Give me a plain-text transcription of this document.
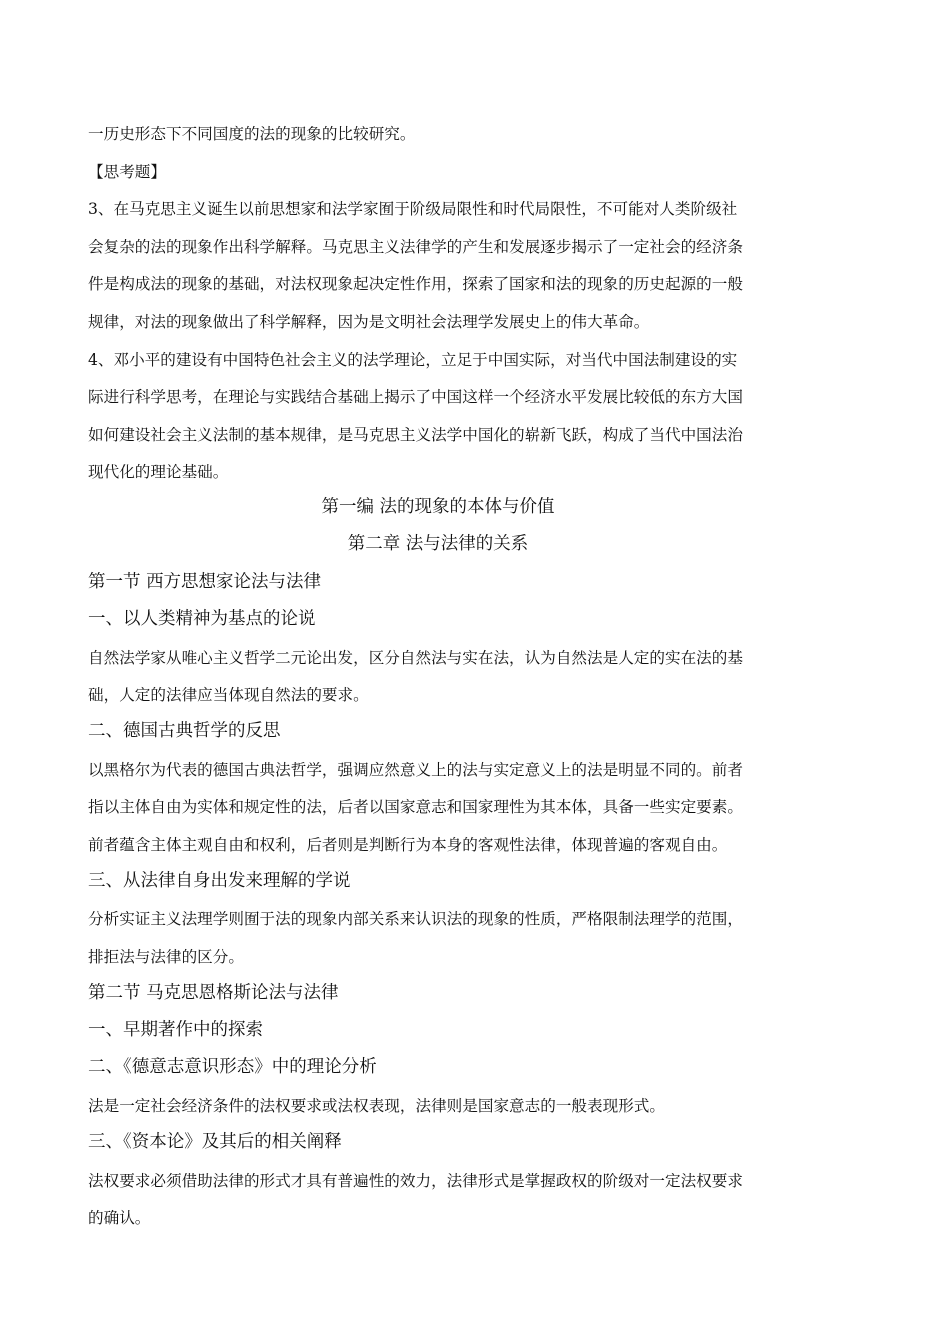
一历史形态下不同国度的法的现象的比较研究。
【思考题】
3、在马克思主义诞生以前思想家和法学家囿于阶级局限性和时代局限性，不可能对人类阶级社
会复杂的法的现象作出科学解释。马克思主义法律学的产生和发展逐步揭示了一定社会的经济条
件是构成法的现象的基础，对法权现象起决定性作用，探索了国家和法的现象的历史起源的一般
规律，对法的现象做出了科学解释，因为是文明社会法理学发展史上的伟大革命。
4、邓小平的建设有中国特色社会主义的法学理论，立足于中国实际，对当代中国法制建设的实
际进行科学思考，在理论与实践结合基础上揭示了中国这样一个经济水平发展比较低的东方大国
如何建设社会主义法制的基本规律，是马克思主义法学中国化的崭新飞跃，构成了当代中国法治
现代化的理论基础。
第一编 法的现象的本体与价值
第二章 法与法律的关系
第一节 西方思想家论法与法律
一、以人类精神为基点的论说
自然法学家从唯心主义哲学二元论出发，区分自然法与实在法，认为自然法是人定的实在法的基
础，人定的法律应当体现自然法的要求。
二、德国古典哲学的反思
以黑格尔为代表的德国古典法哲学，强调应然意义上的法与实定意义上的法是明显不同的。前者
指以主体自由为实体和规定性的法，后者以国家意志和国家理性为其本体，具备一些实定要素。
前者蕴含主体主观自由和权利，后者则是判断行为本身的客观性法律，体现普遍的客观自由。
三、从法律自身出发来理解的学说
分析实证主义法理学则囿于法的现象内部关系来认识法的现象的性质，严格限制法理学的范围，
排拒法与法律的区分。
第二节 马克思恩格斯论法与法律
一、早期著作中的探索
二、《德意志意识形态》中的理论分析
法是一定社会经济条件的法权要求或法权表现，法律则是国家意志的一般表现形式。
三、《资本论》及其后的相关阐释
法权要求必须借助法律的形式才具有普遍性的效力，法律形式是掌握政权的阶级对一定法权要求
的确认。
